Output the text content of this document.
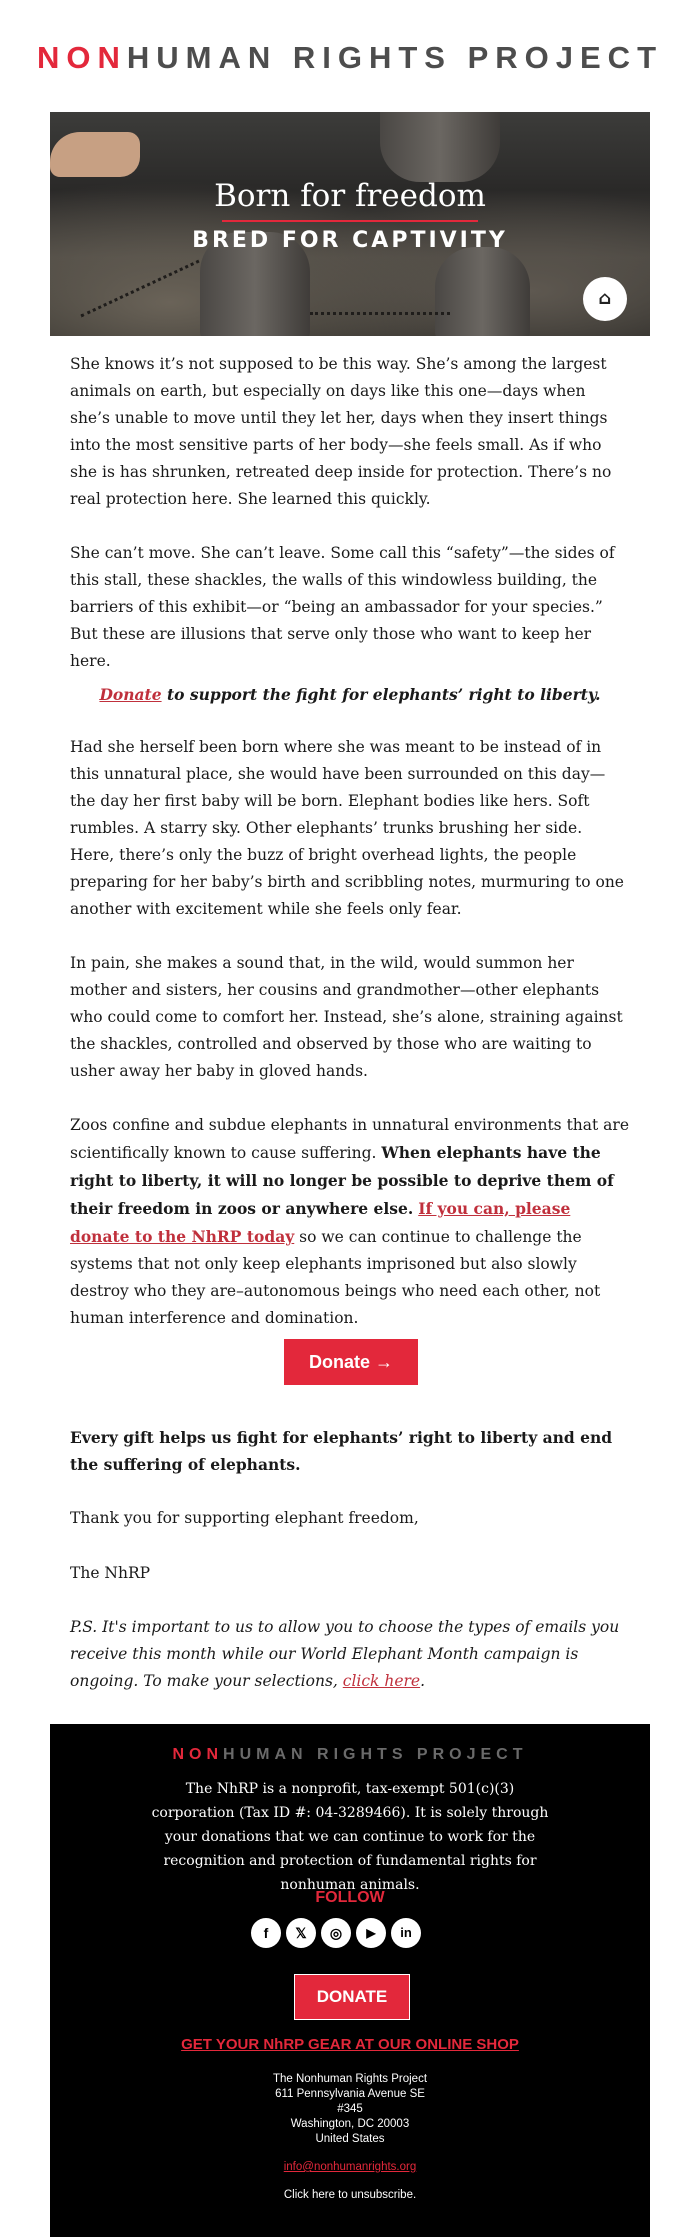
NONHUMAN RIGHTS PROJECT
Born for freedom
BRED FOR CAPTIVITY
⌂

She knows it’s not supposed to be this way. She’s among the largest animals on earth, but especially on days like this one—days when she’s unable to move until they let her, days when they insert things into the most sensitive parts of her body—she feels small. As if who she is has shrunken, retreated deep inside for protection. There’s no real protection here. She learned this quickly.

She can’t move. She can’t leave. Some call this “safety”—the sides of this stall, these shackles, the walls of this windowless building, the barriers of this exhibit—or “being an ambassador for your species.” But these are illusions that serve only those who want to keep her here.

Donate to support the fight for elephants’ right to liberty.

Had she herself been born where she was meant to be instead of in this unnatural place, she would have been surrounded on this day—the day her first baby will be born. Elephant bodies like hers. Soft rumbles. A starry sky. Other elephants’ trunks brushing her side. Here, there’s only the buzz of bright overhead lights, the people preparing for her baby’s birth and scribbling notes, murmuring to one another with excitement while she feels only fear.

In pain, she makes a sound that, in the wild, would summon her mother and sisters, her cousins and grandmother—other elephants who could come to comfort her. Instead, she’s alone, straining against the shackles, controlled and observed by those who are waiting to usher away her baby in gloved hands.

Zoos confine and subdue elephants in unnatural environments that are scientifically known to cause suffering. When elephants have the right to liberty, it will no longer be possible to deprive them of their freedom in zoos or anywhere else. If you can, please donate to the NhRP today so we can continue to challenge the systems that not only keep elephants imprisoned but also slowly destroy who they are–autonomous beings who need each other, not human interference and domination.

Donate →

Every gift helps us fight for elephants’ right to liberty and end the suffering of elephants.

Thank you for supporting elephant freedom,

The NhRP

P.S. It's important to us to allow you to choose the types of emails you receive this month while our World Elephant Month campaign is ongoing. To make your selections, click here.

NONHUMAN RIGHTS PROJECT
The NhRP is a nonprofit, tax-exempt 501(c)(3) corporation (Tax ID #: 04-3289466). It is solely through your donations that we can continue to work for the recognition and protection of fundamental rights for nonhuman animals.
FOLLOW
f	𝕏	◎	▶	in
DONATE
GET YOUR NhRP GEAR AT OUR ONLINE SHOP
The Nonhuman Rights Project
611 Pennsylvania Avenue SE
#345
Washington, DC 20003
United States
info@nonhumanrights.org
Click here to unsubscribe.
